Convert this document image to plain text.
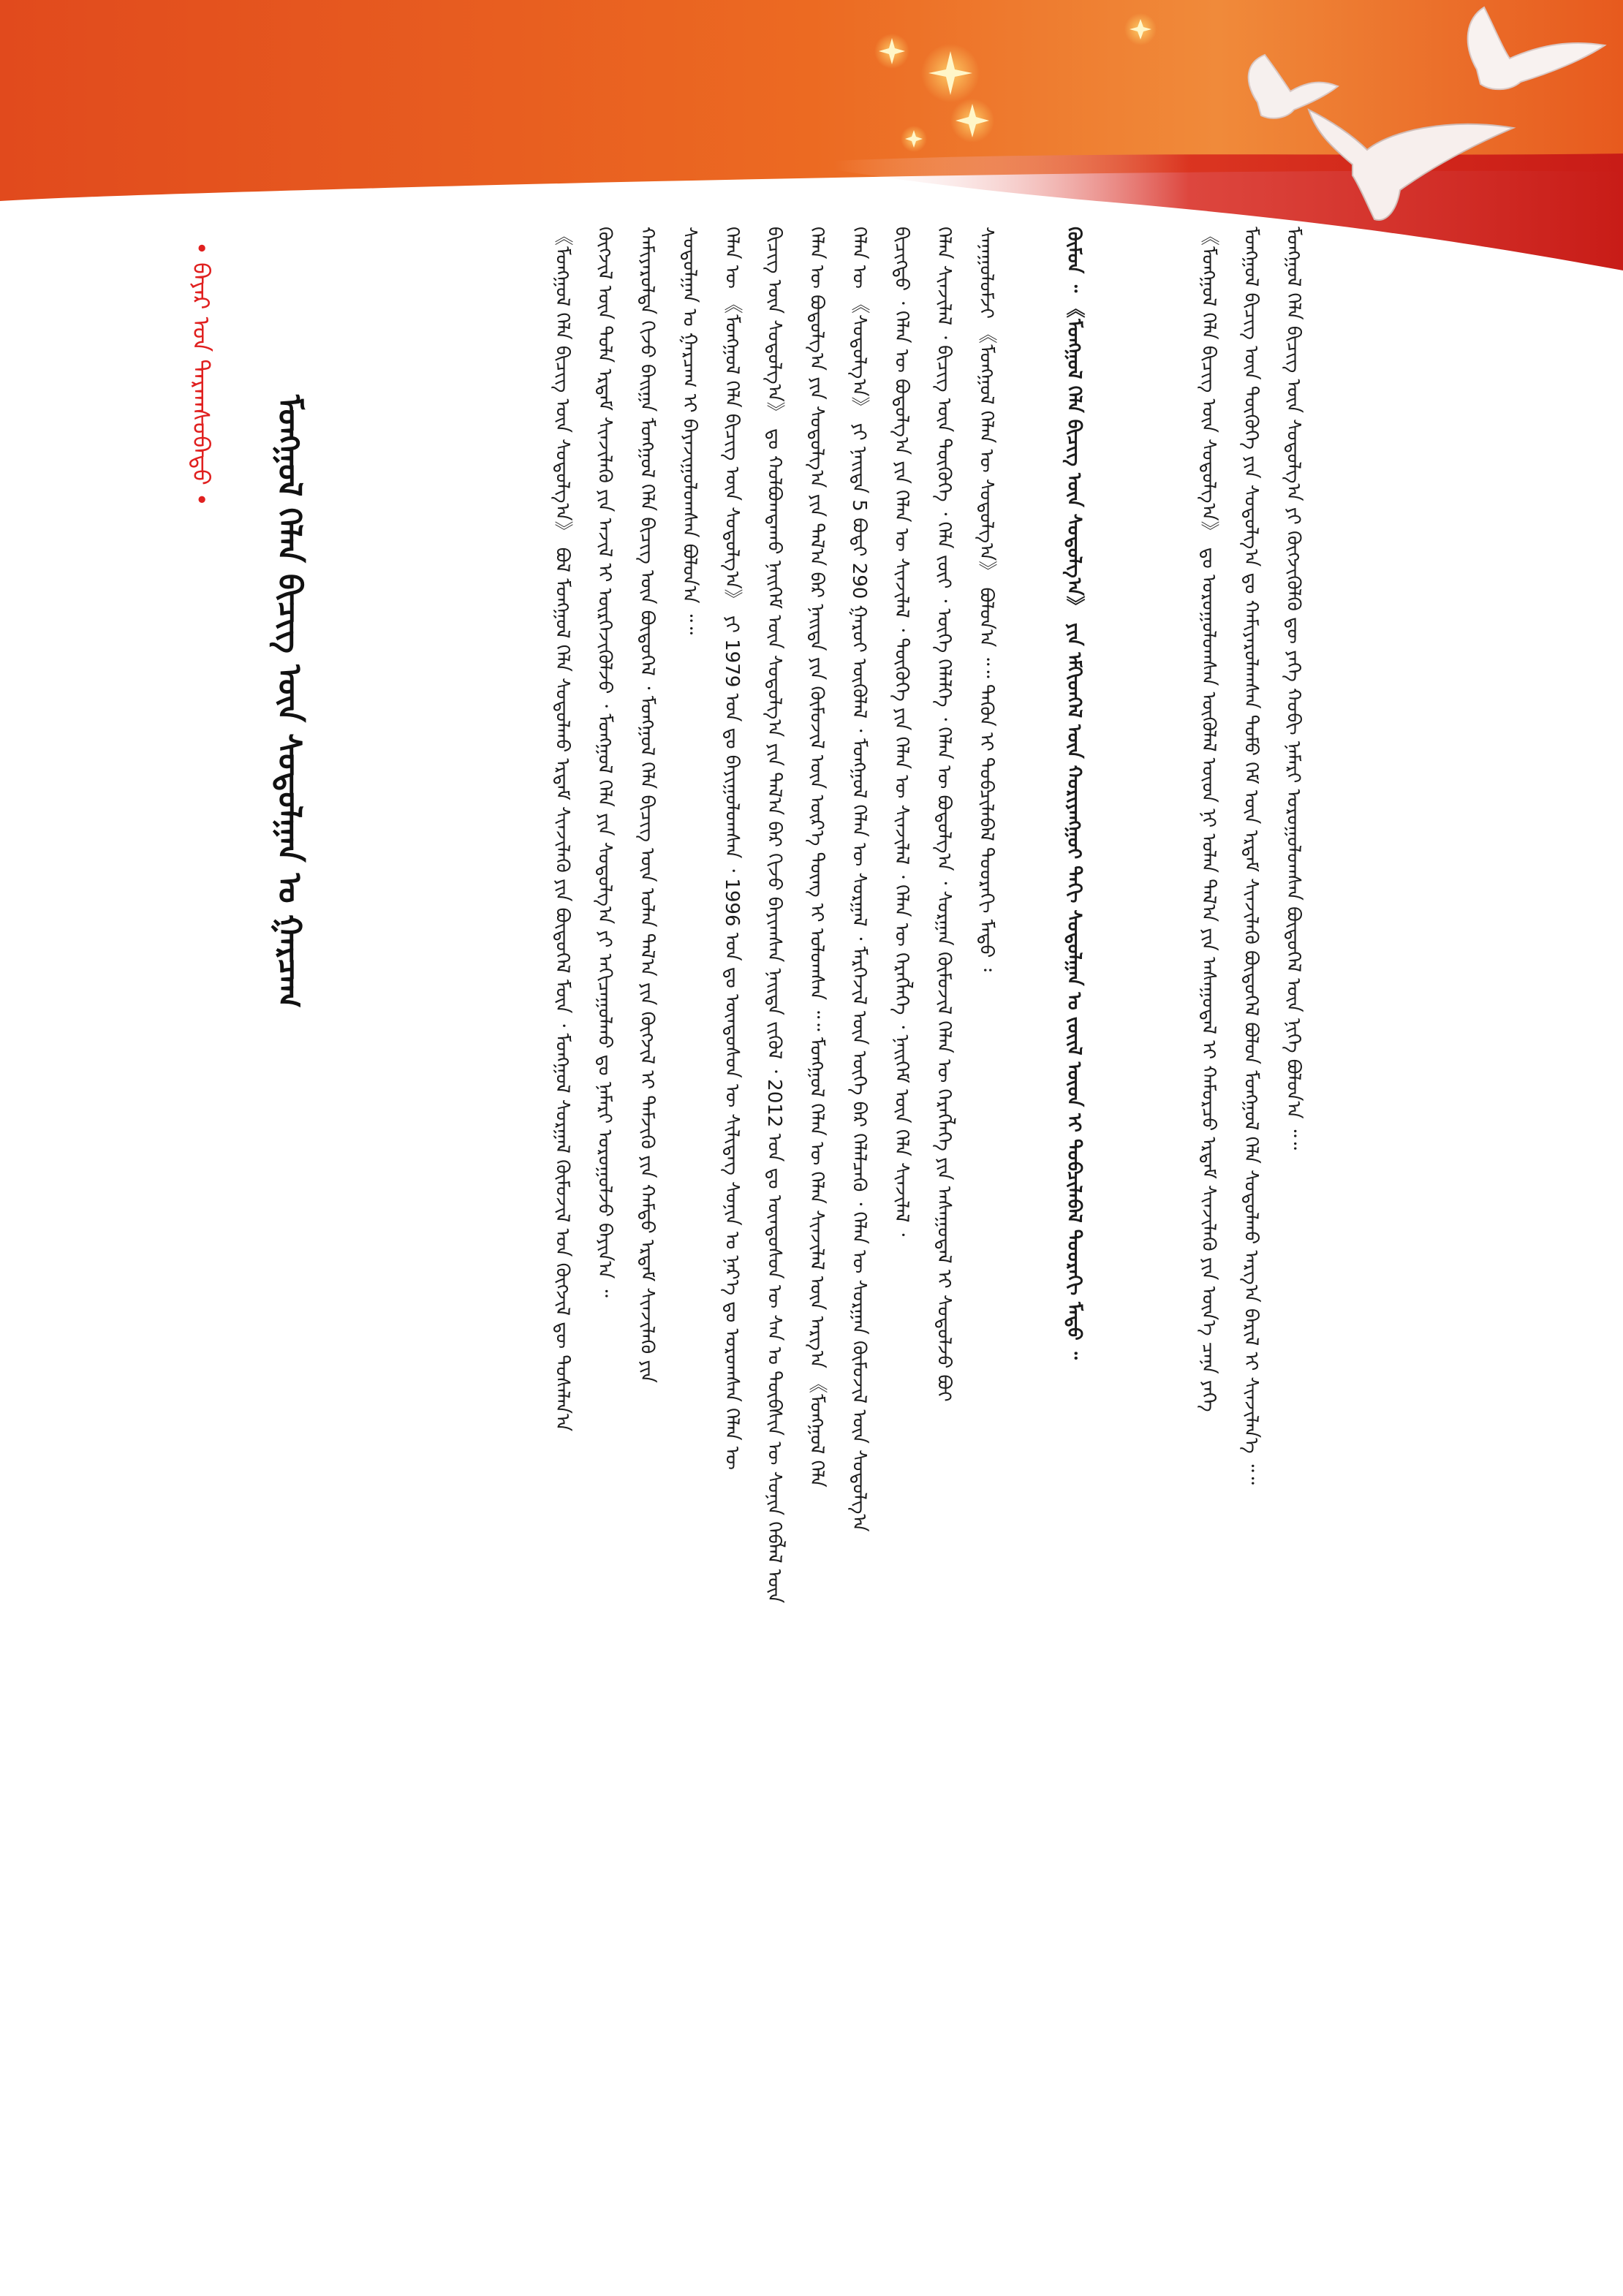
ᠮᠣᠩᠭᠣᠯ ᠬᠡᠯᠡ ᠪᠢᠴᠢᠭ ᠦᠨ ᠰᠤᠳᠤᠯᠭ᠎ᠠ ᠶᠢ ᠬᠥᠭᠵᠢᠭᠦᠯᠬᠦ ᠳᠦ ᠶᠡᠬᠡ ᠬᠤᠪᠢ ᠨᠡᠮᠡᠷᠢ ᠣᠷᠣᠭᠤᠯᠤᠭᠰᠠᠨ ᠪᠦᠲᠦᠭᠡᠯ ᠦᠨ ᠨᠢᠭᠡ ᠪᠣᠯᠤᠨ᠎ᠠ ᠃᠃
ᠮᠣᠩᠭᠣᠯ ᠪᠢᠴᠢᠭ ᠦᠨ ᠲᠦᠭᠦᠬᠡ ᠶᠢᠨ ᠰᠤᠳᠤᠯᠭ᠎ᠠ ᠳᠤ ᠬᠠᠮᠢᠶᠠᠷᠤᠯᠠᠭᠰᠠᠨ ᠲᠣᠮᠣ ᠬᠡᠮ ᠦᠨ ᠡᠷᠳᠡᠮ ᠰᠢᠨᠵᠢᠯᠡᠬᠦ ᠪᠦᠲᠦᠭᠡᠯ ᠪᠣᠯᠤᠨ ᠮᠣᠩᠭᠣᠯ ᠬᠡᠯᠡ ᠰᠤᠳᠤᠯᠬᠤ ᠠᠷᠭ᠎ᠠ ᠪᠠᠷᠢᠯ ᠢ ᠰᠢᠨᠵᠢᠯᠡᠨ᠎ᠡ ᠃᠃
《ᠮᠣᠩᠭᠣᠯ ᠬᠡᠯᠡ ᠪᠢᠴᠢᠭ ᠦᠨ ᠰᠤᠳᠤᠯᠭ᠎ᠠ》 ᠳᠤ ᠣᠷᠣᠭᠤᠯᠤᠭᠰᠠᠨ ᠥᠭᠦᠯᠡᠯ ᠦᠳ ᠨᠢ ᠣᠯᠠᠨ ᠲᠠᠯ᠎ᠠ ᠶᠢᠨ ᠠᠰᠠᠭᠤᠳᠠᠯ ᠢ ᠬᠠᠮᠤᠷᠴᠤ ᠡᠷᠳᠡᠮ ᠰᠢᠨᠵᠢᠯᠡᠬᠦ ᠶᠢᠨ ᠦᠨ᠎ᠡ ᠴᠡᠨᠡ ᠶᠡᠬᠡ
ᠬᠦᠮᠦᠨ ᠃ 《ᠮᠣᠩᠭᠣᠯ ᠬᠡᠯᠡ ᠪᠢᠴᠢᠭ ᠦᠨ ᠰᠤᠳᠤᠯᠭ᠎ᠠ》 ᠶᠢᠨ ᠡᠮᠬᠢᠳᠬᠡᠯ ᠦᠨ ᠬᠤᠷᠢᠶᠠᠩᠭᠤᠢ ᠳᠠᠬᠢ ᠰᠤᠳᠤᠯᠭᠠᠨ ᠤ ᠵᠦᠢᠯ ᠦᠳ ᠢ ᠲᠣᠪᠴᠢᠯᠠᠪᠠᠯ ᠳᠣᠣᠷᠠᠬᠢ ᠮᠡᠲᠦ ᠃
ᠰᠠᠨᠠᠭᠤᠯᠤᠮᠵᠢ 《ᠮᠣᠩᠭᠣᠯ ᠬᠡᠯᠡᠨ ᠦ ᠰᠤᠳᠤᠯᠭ᠎ᠠ》 ᠪᠣᠯᠤᠨ᠎ᠠ ᠃᠃ ᠲᠡᠭᠦᠨ ᠢ ᠲᠣᠪᠴᠢᠯᠠᠪᠠᠯ ᠳᠣᠣᠷᠠᠬᠢ ᠮᠡᠲᠦ ᠄
ᠬᠡᠯᠡᠨ ᠰᠢᠨᠵᠢᠯᠡᠯ ᠂ ᠪᠢᠴᠢᠭ ᠦᠨ ᠲᠦᠭᠦᠬᠡ ᠂ ᠬᠡᠯᠡ ᠵᠦᠢ ᠂ ᠦᠭᠡ ᠬᠡᠯᠡᠯᠭᠡ ᠂ ᠬᠡᠯᠡᠨ ᠦ ᠪᠣᠳᠣᠯᠭ᠎ᠠ ᠂ ᠰᠤᠷᠭᠠᠨ ᠬᠦᠮᠦᠵᠢᠯ ᠬᠡᠯᠡᠨ ᠦ ᠬᠡᠷᠡᠭᠯᠡᠭᠡ ᠶᠢᠨ ᠠᠰᠠᠭᠤᠳᠠᠯ ᠢ ᠰᠤᠳᠤᠯᠵᠤ ᠪᠣᠢ
ᠪᠢᠴᠢᠭ᠌ᠲᠦ ᠂ ᠬᠡᠯᠡᠨ ᠦ ᠪᠣᠳᠣᠯᠭ᠎ᠠ ᠶᠢᠨ ᠬᠡᠯᠡᠨ ᠦ ᠰᠢᠨᠵᠢᠯᠡᠯ ᠂ ᠲᠦᠭᠦᠬᠡ ᠶᠢᠨ ᠬᠡᠯᠡᠨ ᠦ ᠰᠢᠨᠵᠢᠯᠡᠯ ᠂ ᠬᠡᠯᠡᠨ ᠦ ᠬᠡᠷᠡᠭᠯᠡᠭᠡ ᠂ ᠨᠡᠢᠭᠡᠮ ᠦᠨ ᠬᠡᠯᠡ ᠰᠢᠨᠵᠢᠯᠡᠯ ᠂
ᠬᠡᠯᠡᠨ ᠦ 《ᠰᠤᠳᠤᠯᠭ᠎ᠠ》 ᠶᠢ ᠨᠡᠢᠲᠡ 5 ᠪᠣᠳᠢ 290 ᠭᠠᠷᠤᠢ ᠥᠭᠦᠯᠡᠯ ᠂ ᠮᠣᠩᠭᠣᠯ ᠬᠡᠯᠡᠨ ᠦ ᠰᠤᠷᠭᠠᠯ ᠂ ᠮᠡᠷᠭᠡᠵᠢᠯ ᠦᠨ ᠦᠭᠡ ᠪᠡᠷ ᠬᠡᠯᠡᠯᠴᠡᠬᠦ ᠂ ᠬᠡᠯᠡᠨ ᠦ ᠰᠤᠷᠭᠠᠨ ᠬᠦᠮᠦᠵᠢᠯ ᠦᠨ ᠰᠤᠳᠤᠯᠭ᠎ᠠ
ᠬᠡᠯᠡᠨ ᠦ ᠪᠣᠳᠣᠯᠭ᠎ᠠ ᠶᠢᠨ ᠰᠤᠳᠤᠯᠭ᠎ᠠ ᠶᠢᠨ ᠲᠠᠯ᠎ᠠ ᠪᠡᠷ ᠨᠡᠢᠲᠡ ᠶᠢᠨ ᠬᠦᠮᠦᠵᠢᠯ ᠦᠨ ᠦᠷ᠎ᠡ ᠳᠦᠩ ᠢ ᠣᠯᠤᠭᠰᠠᠨ ᠃᠃ ᠮᠣᠩᠭᠣᠯ ᠬᠡᠯᠡᠨ ᠦ ᠬᠡᠯᠡᠨ ᠰᠢᠨᠵᠢᠯᠡᠯ ᠦᠨ ᠠᠷᠭ᠎ᠠ 《ᠮᠣᠩᠭᠣᠯ ᠬᠡᠯᠡ
ᠪᠢᠴᠢᠭ ᠦᠨ ᠰᠤᠳᠤᠯᠭ᠎ᠠ》 ᠳᠤ ᠬᠣᠯᠪᠣᠭᠳᠠᠬᠤ ᠨᠡᠢᠭᠡᠮ ᠦᠨ ᠰᠤᠳᠤᠯᠭ᠎ᠠ ᠶᠢᠨ ᠲᠠᠯ᠎ᠠ ᠪᠡᠷ ᠬᠢᠵᠦ ᠪᠠᠶᠢᠭᠰᠠᠨ ᠨᠡᠢᠲᠡ ᠵᠢᠭᠦᠯ ᠂ 2012 ᠣᠨ ᠳᠤ ᠦᠨᠳᠦᠰᠦᠨ ᠦ ᠰᠠᠨ ᠤ ᠲᠦᠪᠰᠢᠨ ᠦ ᠰᠣᠨᠢᠨ ᠬᠡᠪᠯᠡᠯ ᠦᠨ
ᠬᠡᠯᠡᠨ ᠦ 《ᠮᠣᠩᠭᠣᠯ ᠬᠡᠯᠡ ᠪᠢᠴᠢᠭ ᠦᠨ ᠰᠤᠳᠤᠯᠭ᠎ᠠ》 ᠶᠢ 1979 ᠣᠨ ᠳᠤ ᠪᠠᠶᠢᠭᠤᠯᠤᠭᠰᠠᠨ ᠂ 1996 ᠣᠨ ᠳᠤ ᠦᠨᠳᠦᠰᠦᠨ ᠦ ᠰᠢᠯᠢᠳᠡᠭ ᠰᠣᠨᠢᠨ ᠤ ᠨᠡᠷ᠎ᠡ ᠳᠤ ᠣᠷᠣᠭᠰᠠᠨ ᠬᠡᠯᠡᠨ ᠦ
ᠰᠤᠳᠤᠯᠭᠠᠨ ᠤ ᠭᠠᠷᠴᠠᠭ ᠢ ᠪᠠᠶᠠᠵᠢᠭᠤᠯᠤᠭᠰᠠᠨ ᠪᠣᠯᠤᠨ᠎ᠠ ᠃᠃
ᠬᠠᠮᠢᠶᠠᠷᠤᠯᠲᠠ ᠬᠢᠵᠦ ᠪᠠᠢᠭᠠ ᠮᠣᠩᠭᠣᠯ ᠬᠡᠯᠡ ᠪᠢᠴᠢᠭ ᠦᠨ ᠪᠦᠲᠦᠭᠡᠯ ᠂ ᠮᠣᠩᠭᠣᠯ ᠬᠡᠯᠡ ᠪᠢᠴᠢᠭ ᠦᠨ ᠣᠯᠠᠨ ᠲᠠᠯ᠎ᠠ ᠶᠢᠨ ᠬᠥᠭᠵᠢᠯ ᠢ ᠳᠡᠮᠵᠢᠬᠦ ᠶᠢᠨ ᠬᠠᠮᠲᠤ ᠡᠷᠳᠡᠮ ᠰᠢᠨᠵᠢᠯᠡᠬᠦ ᠶᠢᠨ
ᠬᠥᠭᠵᠢᠯ ᠦᠨ ᠲᠤᠯᠠ ᠡᠷᠳᠡᠮ ᠰᠢᠨᠵᠢᠯᠡᠬᠦ ᠶᠢᠨ ᠠᠵᠢᠯ ᠢ ᠥᠷᠭᠡᠵᠢᠭᠦᠯᠵᠦ ᠂ ᠮᠣᠩᠭᠣᠯ ᠬᠡᠯᠡ ᠶᠢᠨ ᠰᠤᠳᠤᠯᠭ᠎ᠠ ᠶᠢ ᠠᠬᠢᠴᠠᠭᠤᠯᠬᠤ ᠳᠤ ᠨᠡᠮᠡᠷᠢ ᠣᠷᠣᠭᠤᠯᠵᠤ ᠪᠠᠶᠢᠨ᠎ᠠ ᠃
《ᠮᠣᠩᠭᠣᠯ ᠬᠡᠯᠡ ᠪᠢᠴᠢᠭ ᠦᠨ ᠰᠤᠳᠤᠯᠭ᠎ᠠ》 ᠪᠣᠯ ᠮᠣᠩᠭᠣᠯ ᠬᠡᠯᠡ ᠰᠤᠳᠤᠯᠬᠤ ᠡᠷᠳᠡᠮ ᠰᠢᠨᠵᠢᠯᠡᠬᠦ ᠶᠢᠨ ᠪᠦᠲᠦᠭᠡᠯ ᠮᠥᠨ ᠂ ᠮᠣᠩᠭᠣᠯ ᠰᠤᠷᠭᠠᠯ ᠬᠥᠮᠦᠵᠢᠯ ᠤᠨ ᠬᠥᠭᠵᠢᠯ ᠳᠦ ᠲᠤᠰᠠᠯᠠᠨ᠎ᠠ
ᠮᠣᠩᠭᠣᠯ ᠬᠡᠯᠡᠨ ᠪᠢᠴᠢᠭ ᠦᠨ ᠰᠤᠳᠤᠯᠭᠠᠨ ᠤ ᠭᠠᠷᠴᠠᠭ
• ᠪᠠᠶᠠᠷ ᠤᠨ ᠳᠠᠷᠬᠠᠰᠤᠪᠠᠳᠤ •
